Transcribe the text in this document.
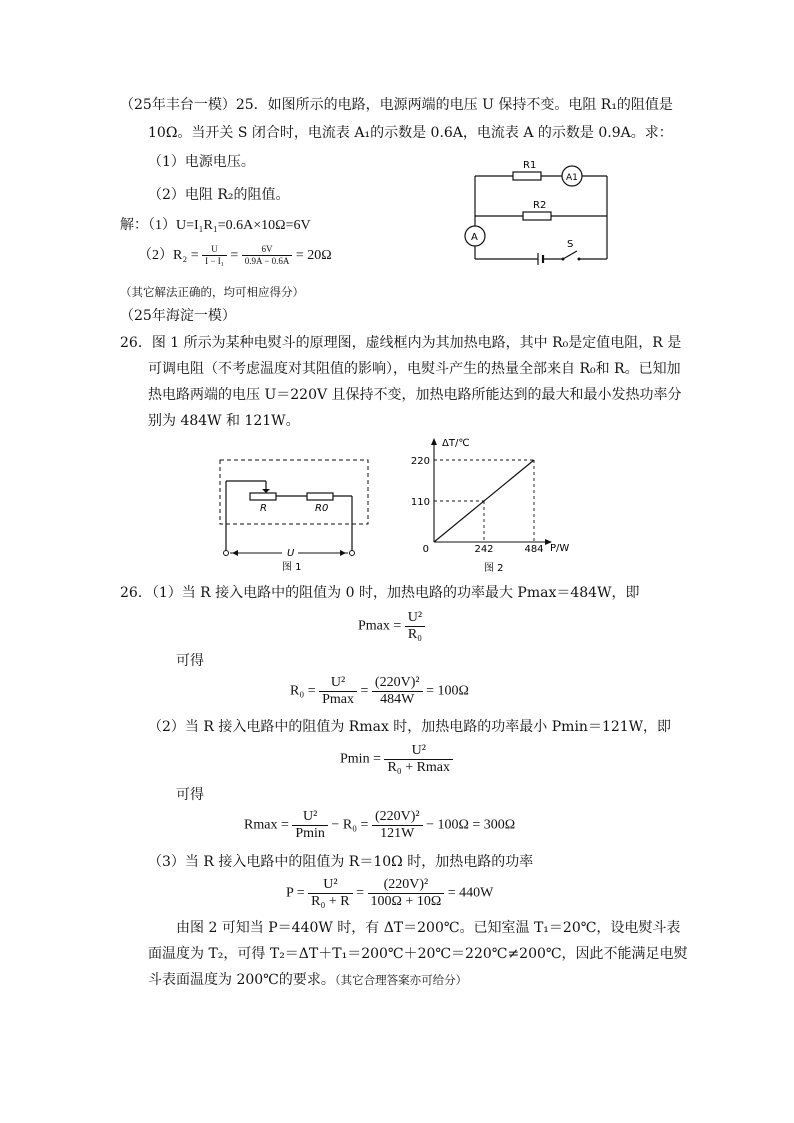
（25年丰台一模）25．如图所示的电路，电源两端的电压 U 保持不变。电阻 R₁的阻值是
10Ω。当开关 S 闭合时，电流表 A₁的示数是 0.6A，电流表 A 的示数是 0.9A。求：
（1）电源电压。
（2）电阻 R₂的阻值。
解：（1）U=I₁R₁=0.6A×10Ω=6V
$(2)R_2 = \frac{U}{\text{I − I₁}} = \frac{6V}{0.9A - 0.6A} = 20\Omega$
（其它解法正确的，均可相应得分）
R1
A1
R2
A
S
（25年海淀一模）
26．图 1 所示为某种电熨斗的原理图，虚线框内为其加热电路，其中 R₀是定值电阻，R 是
可调电阻（不考虑温度对其阻值的影响），电熨斗产生的热量全部来自 R₀和 R。已知加
热电路两端的电压 U＝220V 且保持不变，加热电路所能达到的最大和最小发热功率分
别为 484W 和 121W。
R	R0
U
图 1
ΔT/℃
P/W
0
220
110
242	484
图 2
26．（1）当 R 接入电路中的阻值为 0 时，加热电路的功率最大 Pmax＝484W，即
$Pmax = \frac{\text{U²}}{\text{R₀}}$
可得
$R_0 = \frac{\text{U²}}{Pmax} = \frac{\text{(220V)²}}{484W} = 100\Omega$
（2）当 R 接入电路中的阻值为 Rmax 时，加热电路的功率最小 Pmin＝121W，即
$Pmin = \frac{\text{U²}}{\text{R₀ + Rmax}}$
可得
$Rmax = \frac{\text{U²}}{Pmin} - R_0 = \frac{\text{(220V)²}}{121W} - 100\Omega = 300\Omega$
（3）当 R 接入电路中的阻值为 R＝10Ω 时，加热电路的功率
$P = \frac{\text{U²}}{\text{R₀ + R}} = \frac{\text{(220V)²}}{100\Omega + 10\Omega} = 440W$
由图 2 可知当 P＝440W 时，有 ΔT＝200℃。已知室温 T₁＝20℃，设电熨斗表
面温度为 T₂，可得 T₂＝ΔT＋T₁＝200℃＋20℃＝220℃≠200℃，因此不能满足电熨
斗表面温度为 200℃的要求。（其它合理答案亦可给分）
